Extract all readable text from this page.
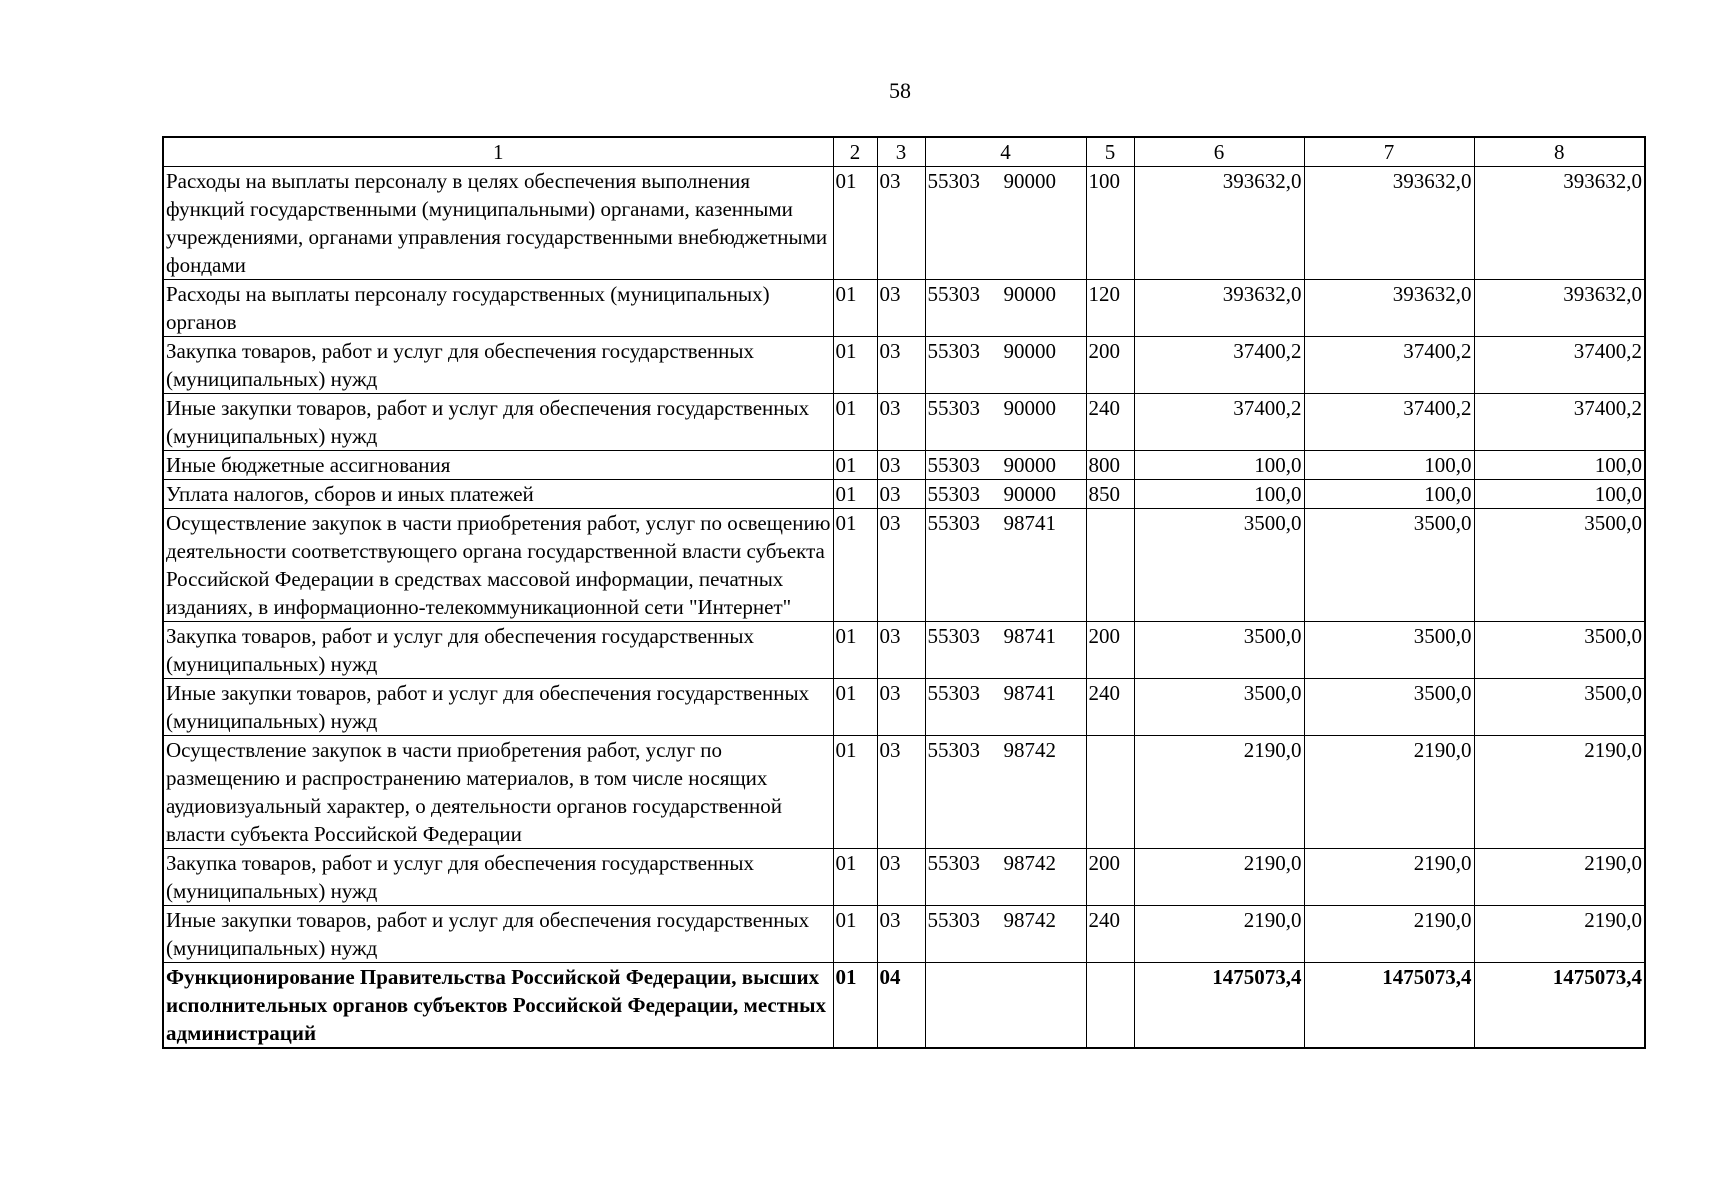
58
1	2	3	4	5	6	7	8
Расходы на выплаты персоналу в целях обеспечения выполнения функций государственными (муниципальными) органами, казенными учреждениями, органами управления государственными внебюджетными фондами	01	03	55303 90000	100	393632,0	393632,0	393632,0
Расходы на выплаты персоналу государственных (муниципальных) органов	01	03	55303 90000	120	393632,0	393632,0	393632,0
Закупка товаров, работ и услуг для обеспечения государственных (муниципальных) нужд	01	03	55303 90000	200	37400,2	37400,2	37400,2
Иные закупки товаров, работ и услуг для обеспечения государственных (муниципальных) нужд	01	03	55303 90000	240	37400,2	37400,2	37400,2
Иные бюджетные ассигнования	01	03	55303 90000	800	100,0	100,0	100,0
Уплата налогов, сборов и иных платежей	01	03	55303 90000	850	100,0	100,0	100,0
Осуществление закупок в части приобретения работ, услуг по освещению деятельности соответствующего органа государственной власти субъекта Российской Федерации в средствах массовой информации, печатных изданиях, в информационно-телекоммуникационной сети "Интернет"	01	03	55303 98741		3500,0	3500,0	3500,0
Закупка товаров, работ и услуг для обеспечения государственных (муниципальных) нужд	01	03	55303 98741	200	3500,0	3500,0	3500,0
Иные закупки товаров, работ и услуг для обеспечения государственных (муниципальных) нужд	01	03	55303 98741	240	3500,0	3500,0	3500,0
Осуществление закупок в части приобретения работ, услуг по размещению и распространению материалов, в том числе носящих аудиовизуальный характер, о деятельности органов государственной власти субъекта Российской Федерации	01	03	55303 98742		2190,0	2190,0	2190,0
Закупка товаров, работ и услуг для обеспечения государственных (муниципальных) нужд	01	03	55303 98742	200	2190,0	2190,0	2190,0
Иные закупки товаров, работ и услуг для обеспечения государственных (муниципальных) нужд	01	03	55303 98742	240	2190,0	2190,0	2190,0
Функционирование Правительства Российской Федерации, высших исполнительных органов субъектов Российской Федерации, местных администраций	01	04			1475073,4	1475073,4	1475073,4
